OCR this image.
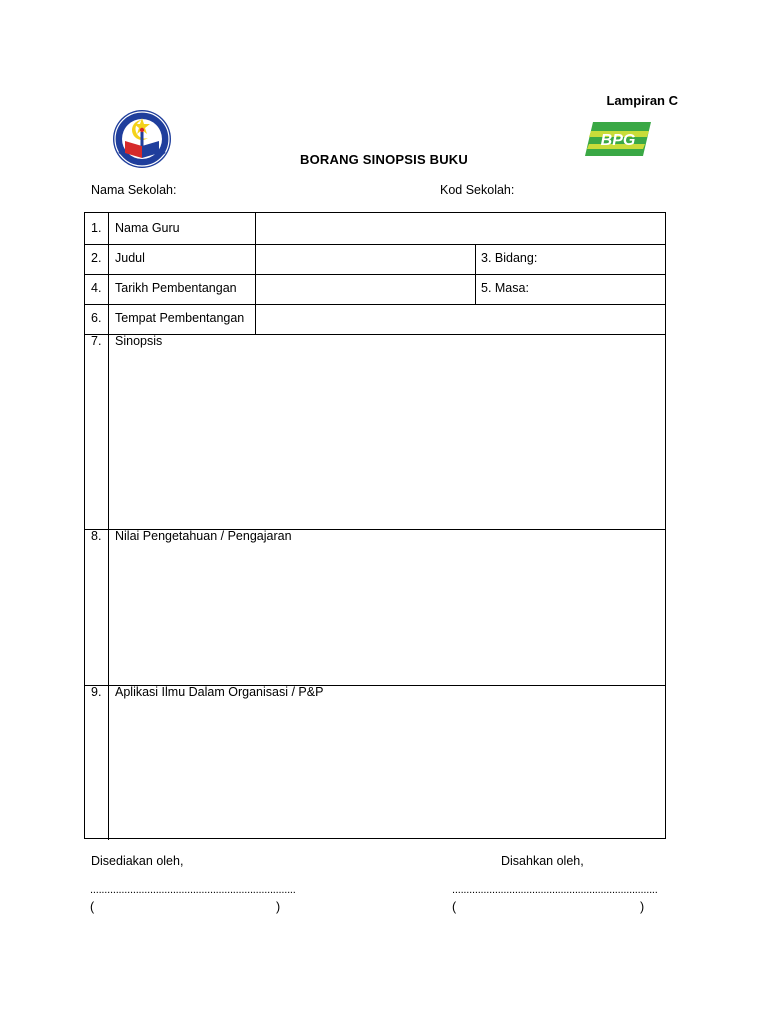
Lampiran C
BPG
BORANG SINOPSIS BUKU
Nama Sekolah:	Kod Sekolah:
1. Nama Guru
2. Judul	3. Bidang:
4. Tarikh Pembentangan	5. Masa:
6. Tempat Pembentangan
7. Sinopsis
8. Nilai Pengetahuan / Pengajaran
9. Aplikasi Ilmu Dalam Organisasi / P&P
Disediakan oleh,	Disahkan oleh,
........................................................................	........................................................................
(	)	(	)
